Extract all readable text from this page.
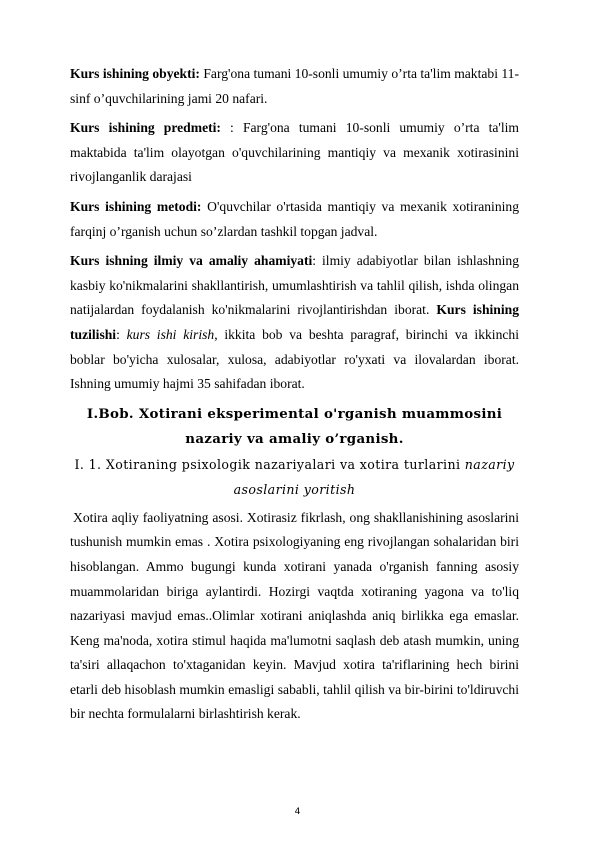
Kurs ishining obyekti: Farg'ona tumani 10-sonli umumiy o’rta ta'lim maktabi 11- sinf o’quvchilarining jami 20 nafari.

Kurs ishining predmeti: : Farg'ona tumani 10-sonli umumiy o’rta ta'lim maktabida ta'lim olayotgan o'quvchilarining mantiqiy va mexanik xotirasinini rivojlanganlik darajasi

Kurs ishining metodi: O'quvchilar o'rtasida mantiqiy va mexanik xotiranining farqinj o’rganish uchun so’zlardan tashkil topgan jadval.

Kurs ishning ilmiy va amaliy ahamiyati: ilmiy adabiyotlar bilan ishlashning kasbiy ko'nikmalarini shakllantirish, umumlashtirish va tahlil qilish, ishda olingan natijalardan foydalanish ko'nikmalarini rivojlantirishdan iborat. Kurs ishining tuzilishi: kurs ishi kirish, ikkita bob va beshta paragraf, birinchi va ikkinchi boblar bo'yicha xulosalar, xulosa, adabiyotlar ro'yxati va ilovalardan iborat. Ishning umumiy hajmi 35 sahifadan iborat.

I.Bob. Xotirani eksperimental o'rganish muammosini nazariy va amaliy o’rganish.
I. 1. Xotiraning psixologik nazariyalari va xotira turlarini nazariy asoslarini yoritish

Xotira aqliy faoliyatning asosi. Xotirasiz fikrlash, ong shakllanishining asoslarini tushunish mumkin emas . Xotira psixologiyaning eng rivojlangan sohalaridan biri hisoblangan. Ammo bugungi kunda xotirani yanada o'rganish fanning asosiy muammolaridan biriga aylantirdi. Hozirgi vaqtda xotiraning yagona va to'liq nazariyasi mavjud emas..Olimlar xotirani aniqlashda aniq birlikka ega emaslar. Keng ma'noda, xotira stimul haqida ma'lumotni saqlash deb atash mumkin, uning ta'siri allaqachon to'xtaganidan keyin. Mavjud xotira ta'riflarining hech birini etarli deb hisoblash mumkin emasligi sababli, tahlil qilish va bir-birini to'ldiruvchi bir nechta formulalarni birlashtirish kerak.

4
